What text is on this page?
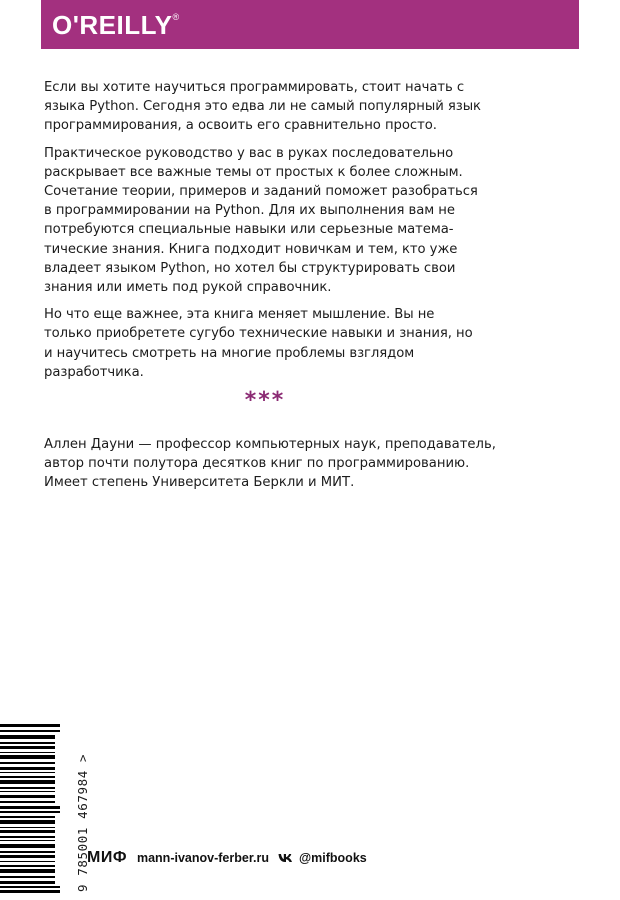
O'REILLY®

Если вы хотите научиться программировать, стоит начать с языка Python. Сегодня это едва ли не самый популярный язык программирования, а освоить его сравнительно просто.

Практическое руководство у вас в руках последовательно раскрывает все важные темы от простых к более сложным. Сочетание теории, примеров и заданий поможет разобраться в программировании на Python. Для их выполнения вам не потребуются специальные навыки или серьезные математические знания. Книга подходит новичкам и тем, кто уже владеет языком Python, но хотел бы структурировать свои знания или иметь под рукой справочник.

Но что еще важнее, эта книга меняет мышление. Вы не только приобретете сугубо технические навыки и знания, но и научитесь смотреть на многие проблемы взглядом разработчика.

***
Аллен Дауни — профессор компьютерных наук, преподаватель, автор почти полутора десятков книг по программированию. Имеет степень Университета Беркли и МИТ.
9 785001 467984 >
МИФ mann-ivanov-ferber.ru @mifbooks
